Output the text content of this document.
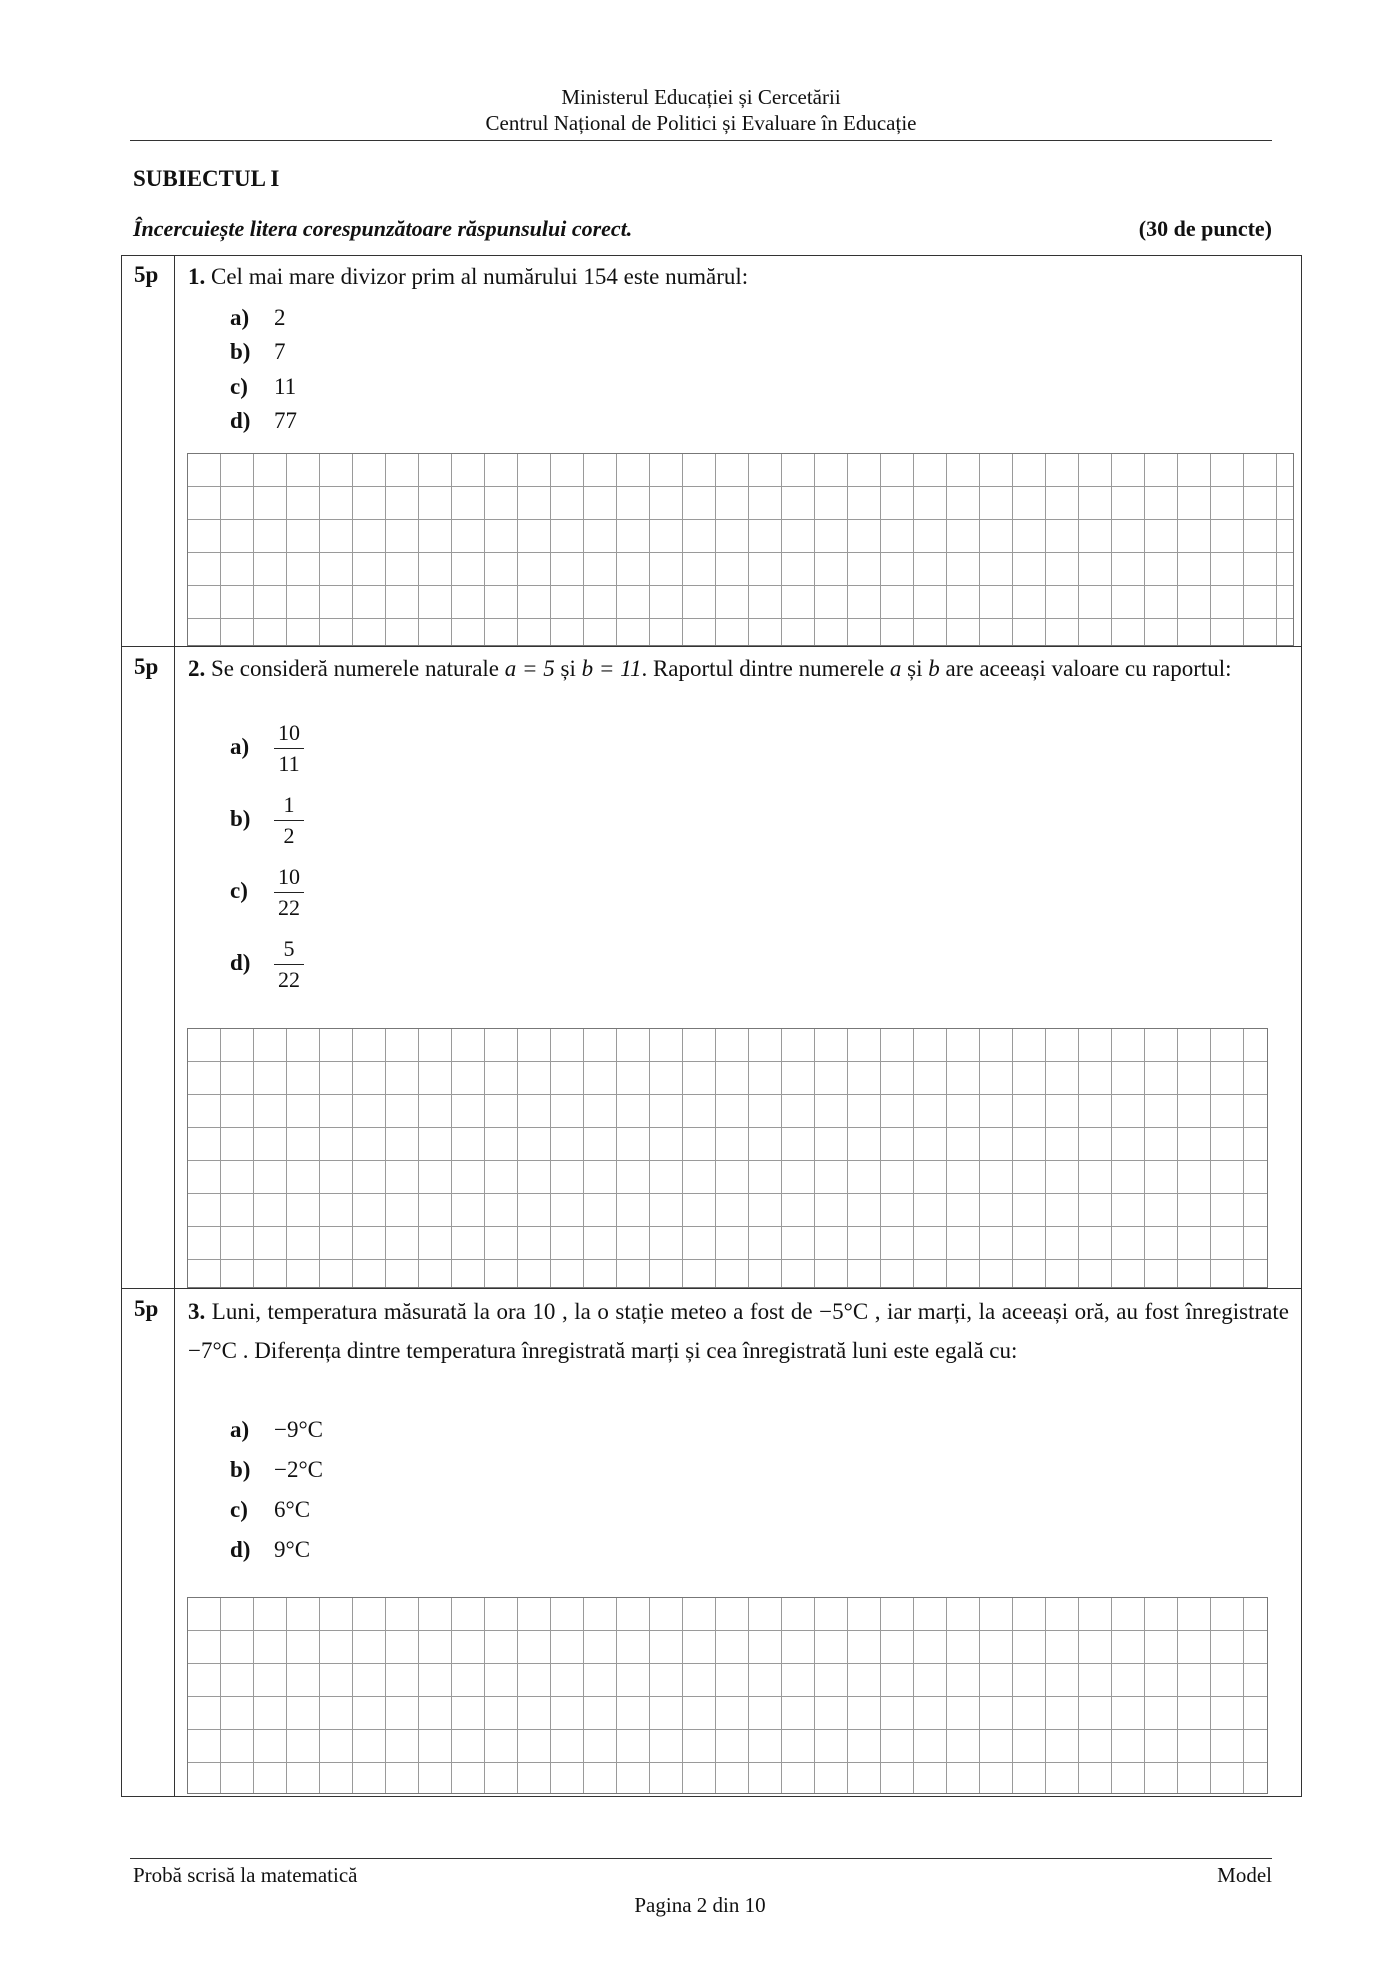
Ministerul Educației și Cercetării
Centrul Național de Politici și Evaluare în Educație
SUBIECTUL I
Încercuiește litera corespunzătoare răspunsului corect.	(30 de puncte)
5p 1. Cel mai mare divizor prim al numărului 154 este numărul:
a) 2
b) 7
c) 11
d) 77
5p 2. Se consideră numerele naturale a = 5 și b = 11. Raportul dintre numerele a și b are aceeași valoare cu raportul:
$a) \frac{10}{11}$
$b) \frac{1}{2}$
$c) \frac{10}{22}$
$d) \frac{5}{22}$
5p 3. Luni, temperatura măsurată la ora 10 , la o stație meteo a fost de −5°C , iar marți, la aceeași oră, au fost înregistrate −7°C . Diferența dintre temperatura înregistrată marți și cea înregistrată luni este egală cu:
a) −9°C
b) −2°C
c) 6°C
d) 9°C
Probă scrisă la matematică	Model
Pagina 2 din 10
